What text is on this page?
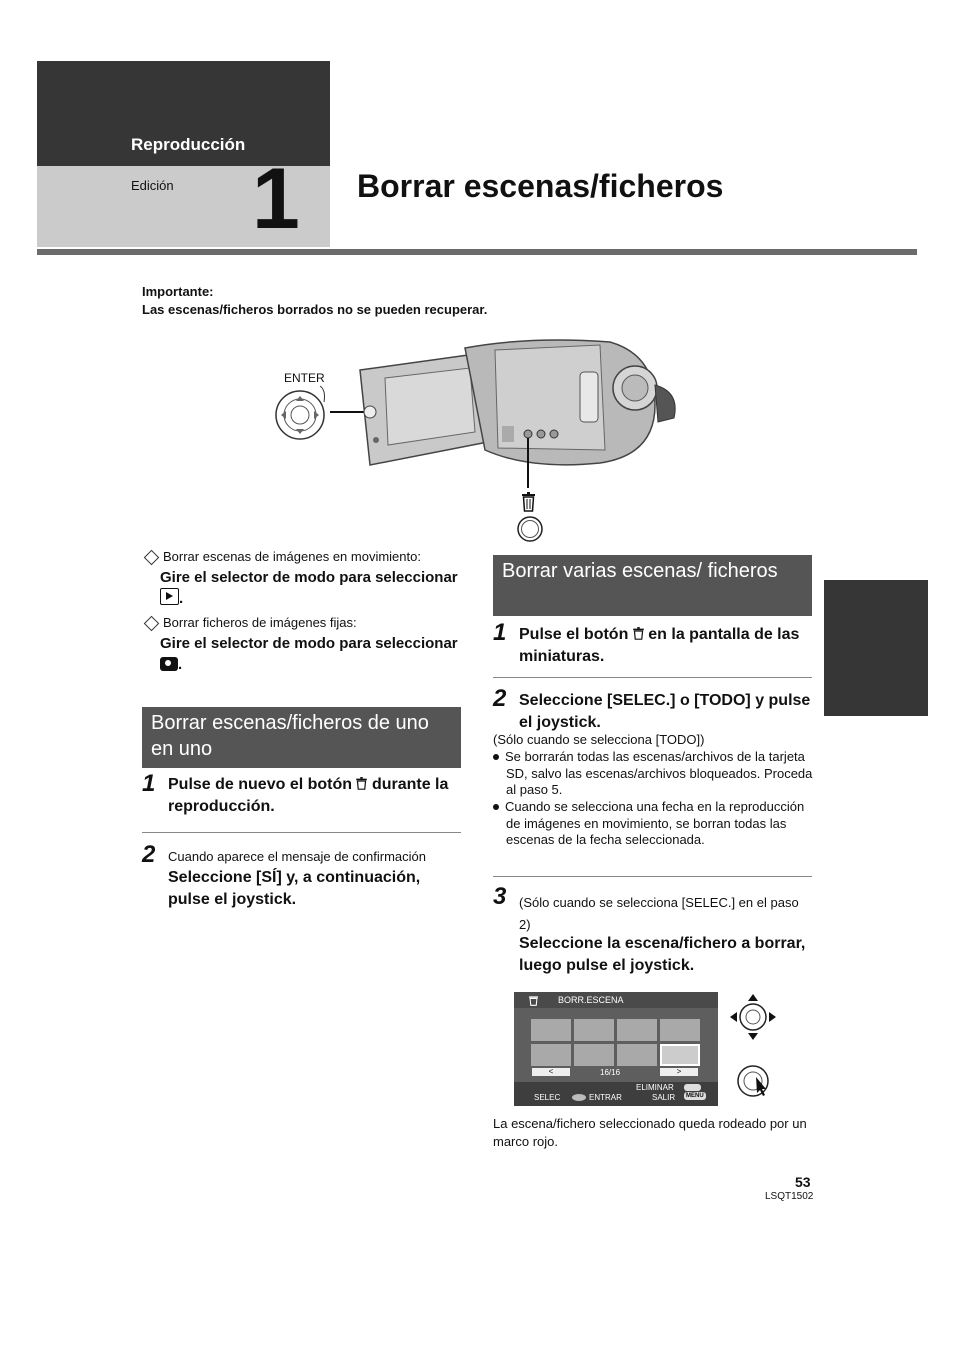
Reproducción
Edición 1 Borrar escenas/ficheros
Importante:
Las escenas/ficheros borrados no se pueden recuperar.
ENTER
Borrar escenas de imágenes en movimiento:
Gire el selector de modo para seleccionar
.
Borrar ficheros de imágenes fijas:
Gire el selector de modo para seleccionar .
Borrar escenas/ficheros de uno en uno
1 Pulse de nuevo el botón durante la reproducción.
2 Cuando aparece el mensaje de confirmación
Seleccione [SÍ] y, a continuación, pulse el joystick.
Borrar varias escenas/ ficheros
1 Pulse el botón en la pantalla de las miniaturas.
2 Seleccione [SELEC.] o [TODO] y pulse el joystick.
(Sólo cuando se selecciona [TODO])
Se borrarán todas las escenas/archivos de la tarjeta SD, salvo las escenas/archivos bloqueados. Proceda al paso 5.
Cuando se selecciona una fecha en la reproducción de imágenes en movimiento, se borran todas las escenas de la fecha seleccionada.
3 (Sólo cuando se selecciona [SELEC.] en el paso 2)
Seleccione la escena/fichero a borrar, luego pulse el joystick.
BORR.ESCENA
<	>
16/16
ELIMINAR
SELEC	ENTRAR	SALIR	MENU
La escena/fichero seleccionado queda rodeado por un marco rojo.
53
LSQT1502
